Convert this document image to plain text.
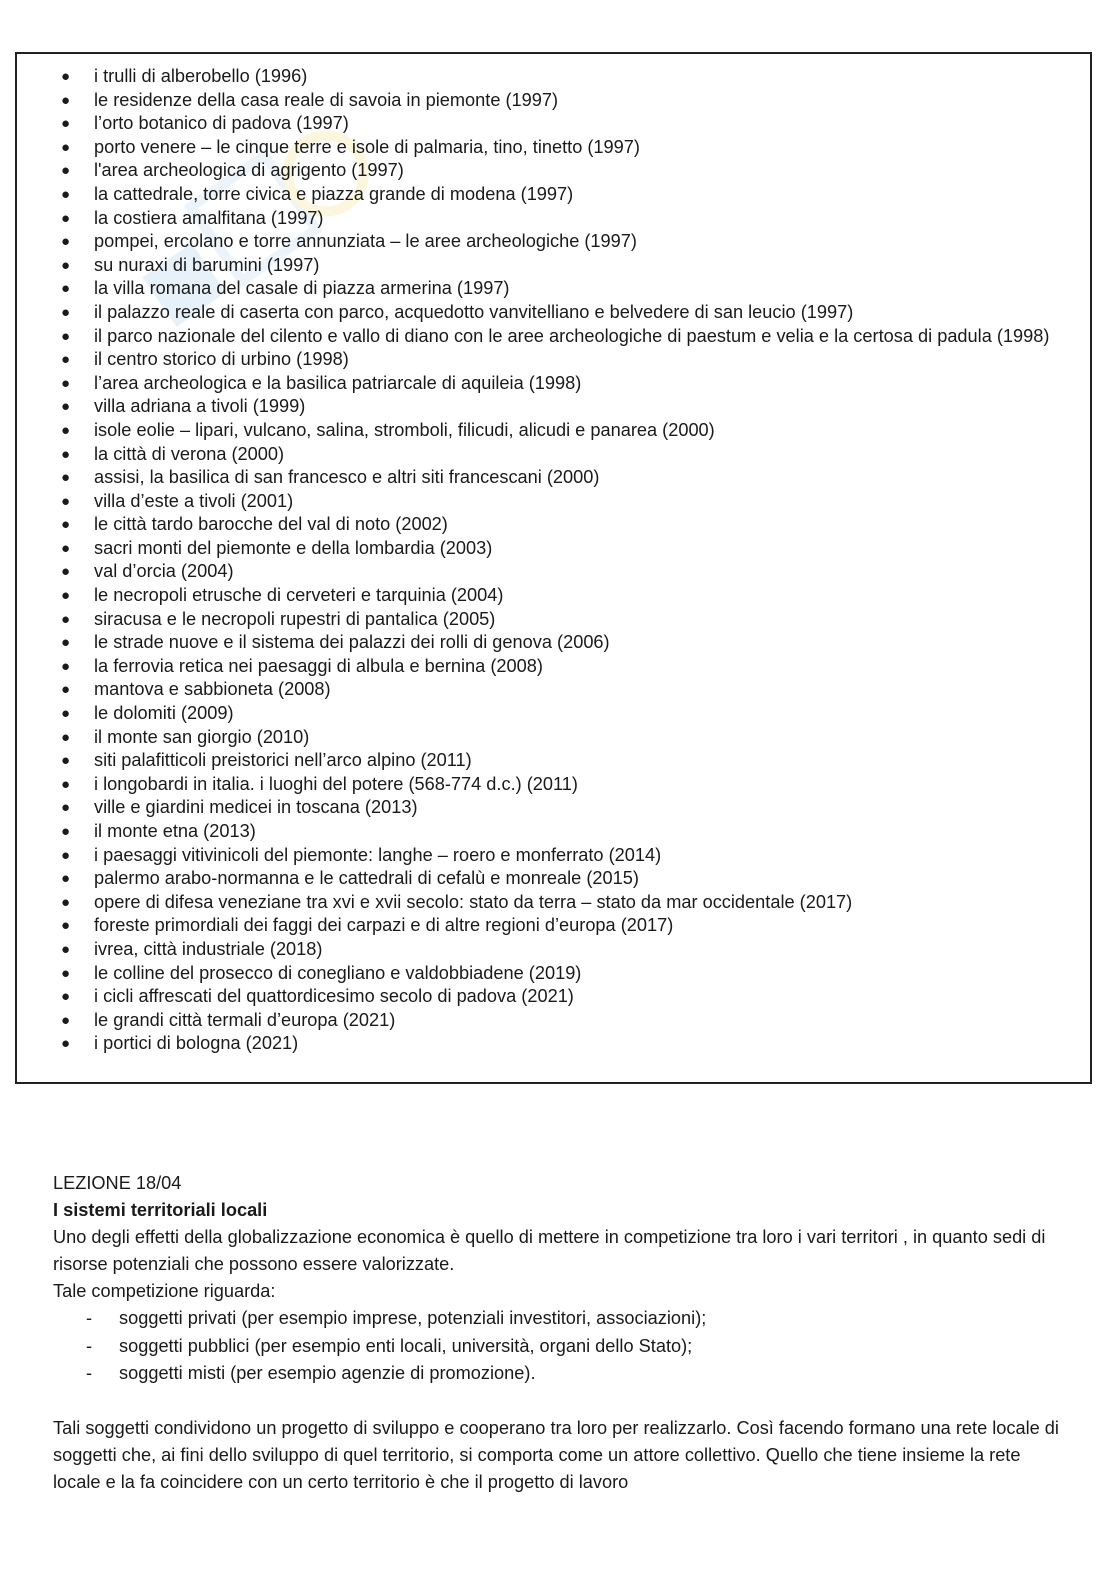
● i trulli di alberobello (1996)
● le residenze della casa reale di savoia in piemonte (1997)
● l’orto botanico di padova (1997)
● porto venere – le cinque terre e isole di palmaria, tino, tinetto (1997)
● l'area archeologica di agrigento (1997)
● la cattedrale, torre civica e piazza grande di modena (1997)
● la costiera amalfitana (1997)
● pompei, ercolano e torre annunziata – le aree archeologiche (1997)
● su nuraxi di barumini (1997)
● la villa romana del casale di piazza armerina (1997)
● il palazzo reale di caserta con parco, acquedotto vanvitelliano e belvedere di san leucio (1997)
● il parco nazionale del cilento e vallo di diano con le aree archeologiche di paestum e velia e la certosa di padula (1998)
● il centro storico di urbino (1998)
● l’area archeologica e la basilica patriarcale di aquileia (1998)
● villa adriana a tivoli (1999)
● isole eolie – lipari, vulcano, salina, stromboli, filicudi, alicudi e panarea (2000)
● la città di verona (2000)
● assisi, la basilica di san francesco e altri siti francescani (2000)
● villa d’este a tivoli (2001)
● le città tardo barocche del val di noto (2002)
● sacri monti del piemonte e della lombardia (2003)
● val d’orcia (2004)
● le necropoli etrusche di cerveteri e tarquinia (2004)
● siracusa e le necropoli rupestri di pantalica (2005)
● le strade nuove e il sistema dei palazzi dei rolli di genova (2006)
● la ferrovia retica nei paesaggi di albula e bernina (2008)
● mantova e sabbioneta (2008)
● le dolomiti (2009)
● il monte san giorgio (2010)
● siti palafitticoli preistorici nell’arco alpino (2011)
● i longobardi in italia. i luoghi del potere (568-774 d.c.) (2011)
● ville e giardini medicei in toscana (2013)
● il monte etna (2013)
● i paesaggi vitivinicoli del piemonte: langhe – roero e monferrato (2014)
● palermo arabo-normanna e le cattedrali di cefalù e monreale (2015)
● opere di difesa veneziane tra xvi e xvii secolo: stato da terra – stato da mar occidentale (2017)
● foreste primordiali dei faggi dei carpazi e di altre regioni d’europa (2017)
● ivrea, città industriale (2018)
● le colline del prosecco di conegliano e valdobbiadene (2019)
● i cicli affrescati del quattordicesimo secolo di padova (2021)
● le grandi città termali d’europa (2021)
● i portici di bologna (2021)

LEZIONE 18/04

I sistemi territoriali locali

Uno degli effetti della globalizzazione economica è quello di mettere in competizione tra loro i vari territori , in quanto sedi di risorse potenziali che possono essere valorizzate.

Tale competizione riguarda:

- soggetti privati (per esempio imprese, potenziali investitori, associazioni);
- soggetti pubblici (per esempio enti locali, università, organi dello Stato);
- soggetti misti (per esempio agenzie di promozione).

Tali soggetti condividono un progetto di sviluppo e cooperano tra loro per realizzarlo. Così facendo formano una rete locale di soggetti che, ai fini dello sviluppo di quel territorio, si comporta come un attore collettivo. Quello che tiene insieme la rete locale e la fa coincidere con un certo territorio è che il progetto di lavoro
